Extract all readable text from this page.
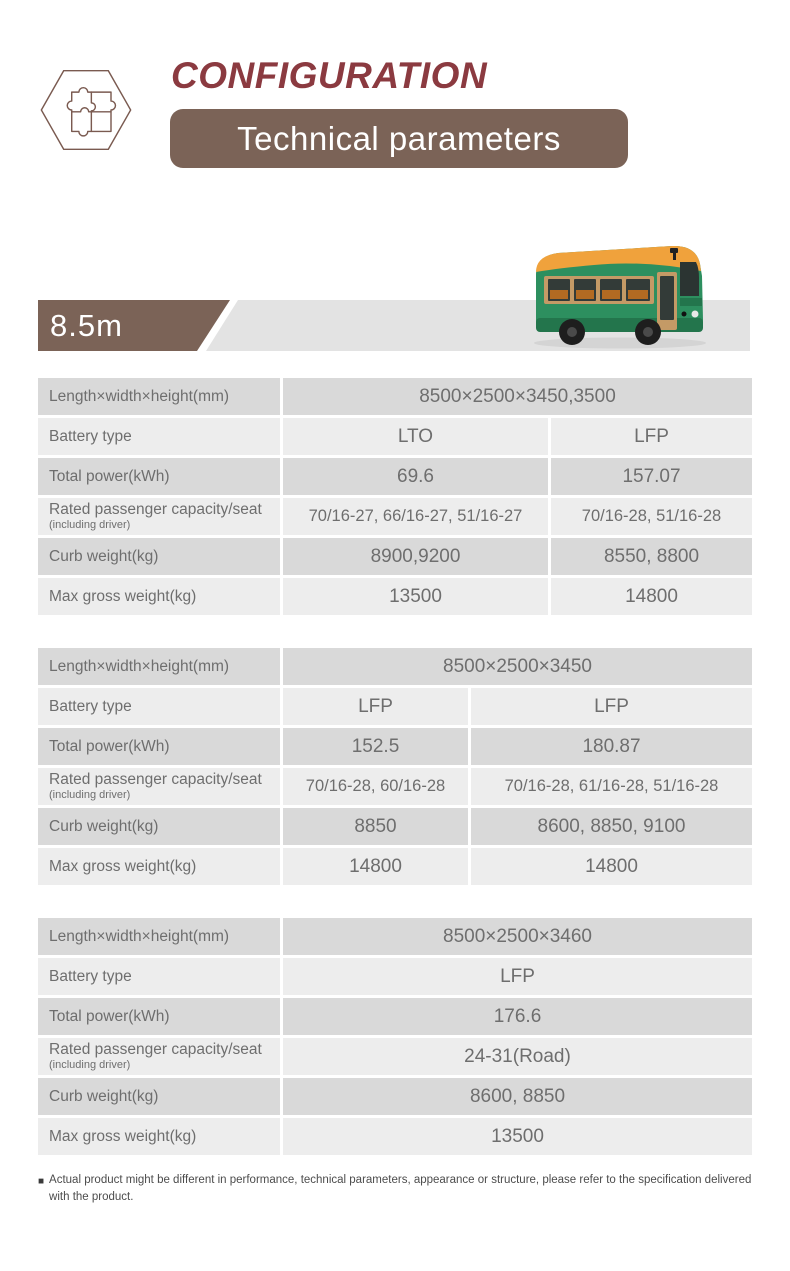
CONFIGURATION
Technical parameters
8.5m
Length×width×height(mm)	8500×2500×3450,3500
Battery type	LTO	LFP
Total power(kWh)	69.6	157.07
Rated passenger capacity/seat
(including driver)
70/16-27, 66/16-27, 51/16-27	70/16-28, 51/16-28
Curb weight(kg)	8900,9200	8550, 8800
Max gross weight(kg)	13500	14800
Length×width×height(mm)	8500×2500×3450
Battery type	LFP	LFP
Total power(kWh)	152.5	180.87
Rated passenger capacity/seat
(including driver)
70/16-28, 60/16-28	70/16-28, 61/16-28, 51/16-28
Curb weight(kg)	8850	8600, 8850, 9100
Max gross weight(kg)	14800	14800
Length×width×height(mm)	8500×2500×3460
Battery type	LFP
Total power(kWh)	176.6
Rated passenger capacity/seat
(including driver)	24-31(Road)
Curb weight(kg)	8600, 8850
Max gross weight(kg)	13500
■ Actual product might be different in performance, technical parameters, appearance or structure, please refer to the specification delivered with the product.
